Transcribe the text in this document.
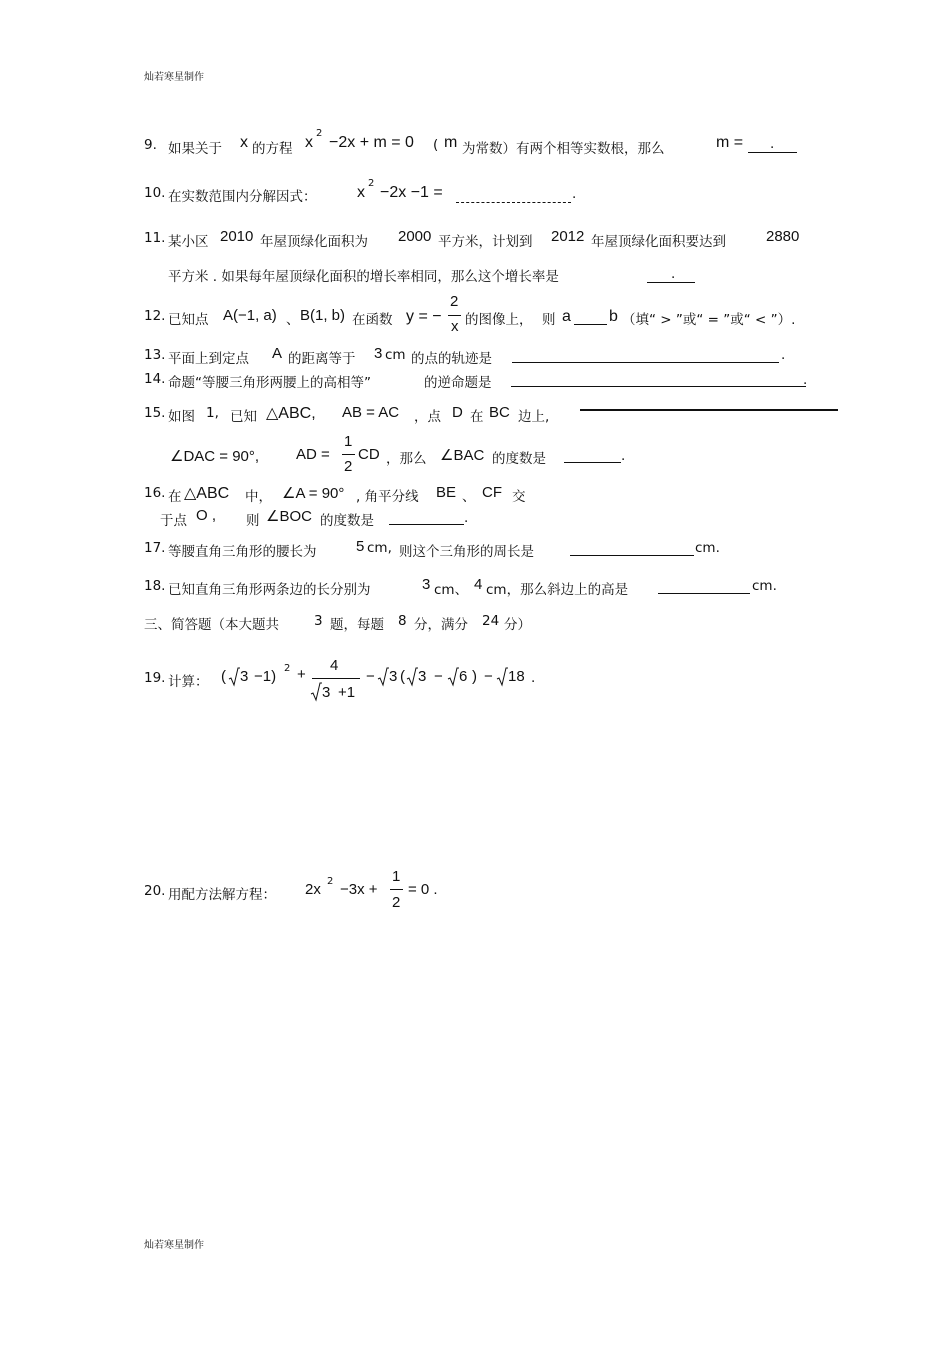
灿若寒星制作
9. 如果关于 x 的方程 x
2
−2x + m = 0 ( m 为常数）有两个相等实数根，那么	m = .
10. 在实数范围内分解因式：	x
2
−2x −1 =	.
11. 某小区 2010 年屋顶绿化面积为 2000 平方米，计划到 2012 年屋顶绿化面积要达到	2880
平方米 . 如果每年屋顶绿化面积的增长率相同，那么这个增长率是	.
12. 已知点 A(−1, a) 、 B(1, b) 在函数 y = −
2
x 的图像上， 则 a b （填“ > ”或“ = ”或“ < ”）.
13. 平面上到定点 A 的距离等于 3 cm 的点的轨迹是	.
14. 命题“等腰三角形两腰上的高相等”	的逆命题是	.
15. 如图 1, 已知 △ABC, AB = AC ，点 D 在 BC 边上,
∠DAC = 90°, AD =
1
2
CD ，那么 ∠BAC 的度数是	.
16. 在 △ABC 中， ∠A = 90° , 角平分线 BE 、 CF 交
于点 O , 则 ∠BOC 的度数是	.
17. 等腰直角三角形的腰长为	5 cm, 则这个三角形的周长是	cm.
18. 已知直角三角形两条边的长分别为	3 cm、 4 cm，那么斜边上的高是	cm.
三、简答题（本大题共	3 题，每题 8 分，满分 24 分）
19. 计算： ( 3 −1) 2 +
4
3 +1
− 3 ( 3 − 6 ) − 18 .
20. 用配方法解方程： 2x 2 −3x +
1
2
= 0 .
灿若寒星制作
